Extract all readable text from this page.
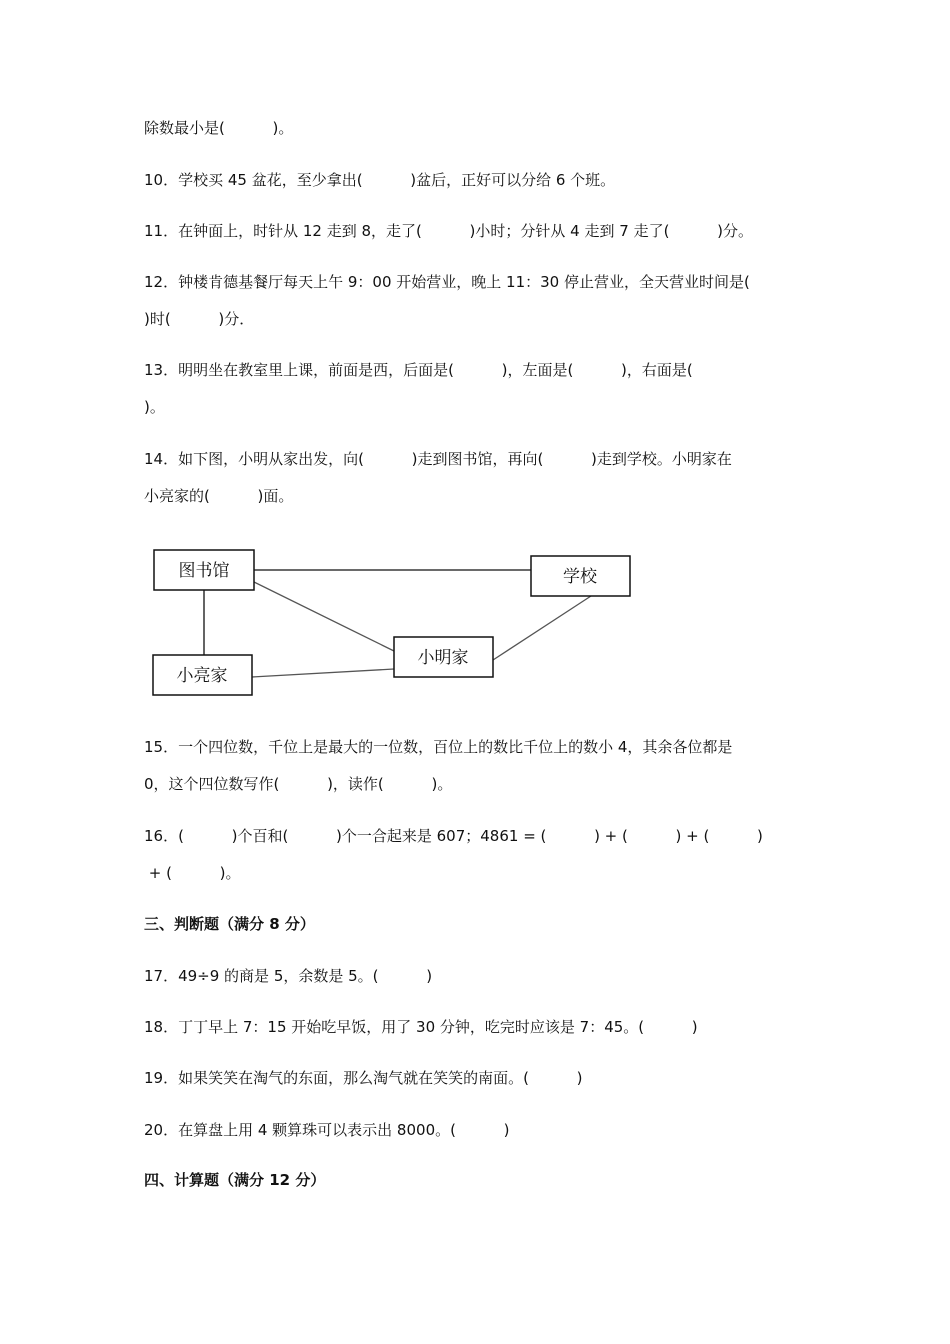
除数最小是(          )。
10．学校买 45 盆花，至少拿出(          )盆后，正好可以分给 6 个班。
11．在钟面上，时针从 12 走到 8，走了(          )小时；分针从 4 走到 7 走了(          )分。
12．钟楼肯德基餐厅每天上午 9：00 开始营业，晚上 11：30 停止营业，全天营业时间是(
)时(          )分．
13．明明坐在教室里上课，前面是西，后面是(          )，左面是(          )，右面是(
)。
14．如下图，小明从家出发，向(          )走到图书馆，再向(          )走到学校。小明家在
小亮家的(          )面。
图书馆	学校
小明家
小亮家
15．一个四位数，千位上是最大的一位数，百位上的数比千位上的数小 4，其余各位都是
0，这个四位数写作(          )，读作(          )。
16．(          )个百和(          )个一合起来是 607；4861 = (          ) + (          ) + (          )
+ (          )。
三、判断题（满分 8 分）
17．49÷9 的商是 5，余数是 5。(          )
18．丁丁早上 7：15 开始吃早饭，用了 30 分钟，吃完时应该是 7：45。(          )
19．如果笑笑在淘气的东面，那么淘气就在笑笑的南面。(          )
20．在算盘上用 4 颗算珠可以表示出 8000。(          )
四、计算题（满分 12 分）
